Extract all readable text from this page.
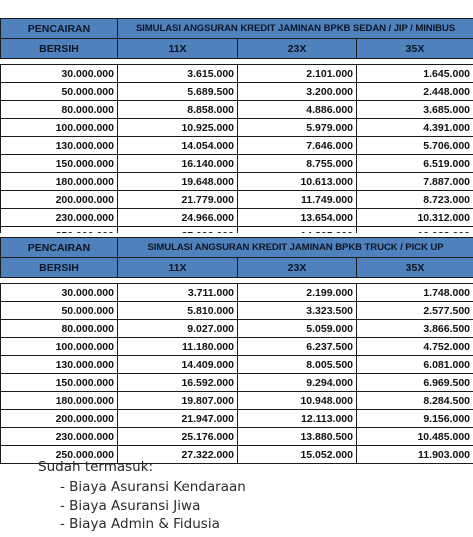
PENCAIRAN	SIMULASI ANGSURAN KREDIT JAMINAN BPKB SEDAN / JIP / MINIBUS		
BERSIH	11X	23X	35X

30.000.000	3.615.000	2.101.000	1.645.000
50.000.000	5.689.500	3.200.000	2.448.000
80.000.000	8.858.000	4.886.000	3.685.000
100.000.000	10.925.000	5.979.000	4.391.000
130.000.000	14.054.000	7.646.000	5.706.000
150.000.000	16.140.000	8.755.000	6.519.000
180.000.000	19.648.000	10.613.000	7.887.000
200.000.000	21.779.000	11.749.000	8.723.000
230.000.000	24.966.000	13.654.000	10.312.000

PENCAIRAN	SIMULASI ANGSURAN KREDIT JAMINAN BPKB TRUCK / PICK UP		
BERSIH	11X	23X	35X

30.000.000	3.711.000	2.199.000	1.748.000
50.000.000	5.810.000	3.323.500	2.577.500
80.000.000	9.027.000	5.059.000	3.866.500
100.000.000	11.180.000	6.237.500	4.752.000
130.000.000	14.409.000	8.005.500	6.081.000
150.000.000	16.592.000	9.294.000	6.969.500
180.000.000	19.807.000	10.948.000	8.284.500
200.000.000	21.947.000	12.113.000	9.156.000
230.000.000	25.176.000	13.880.500	10.485.000
250.000.000	27.322.000	15.052.000	11.903.000
Sudah termasuk:
- Biaya Asuransi Kendaraan
- Biaya Asuransi Jiwa
- Biaya Admin & Fidusia
